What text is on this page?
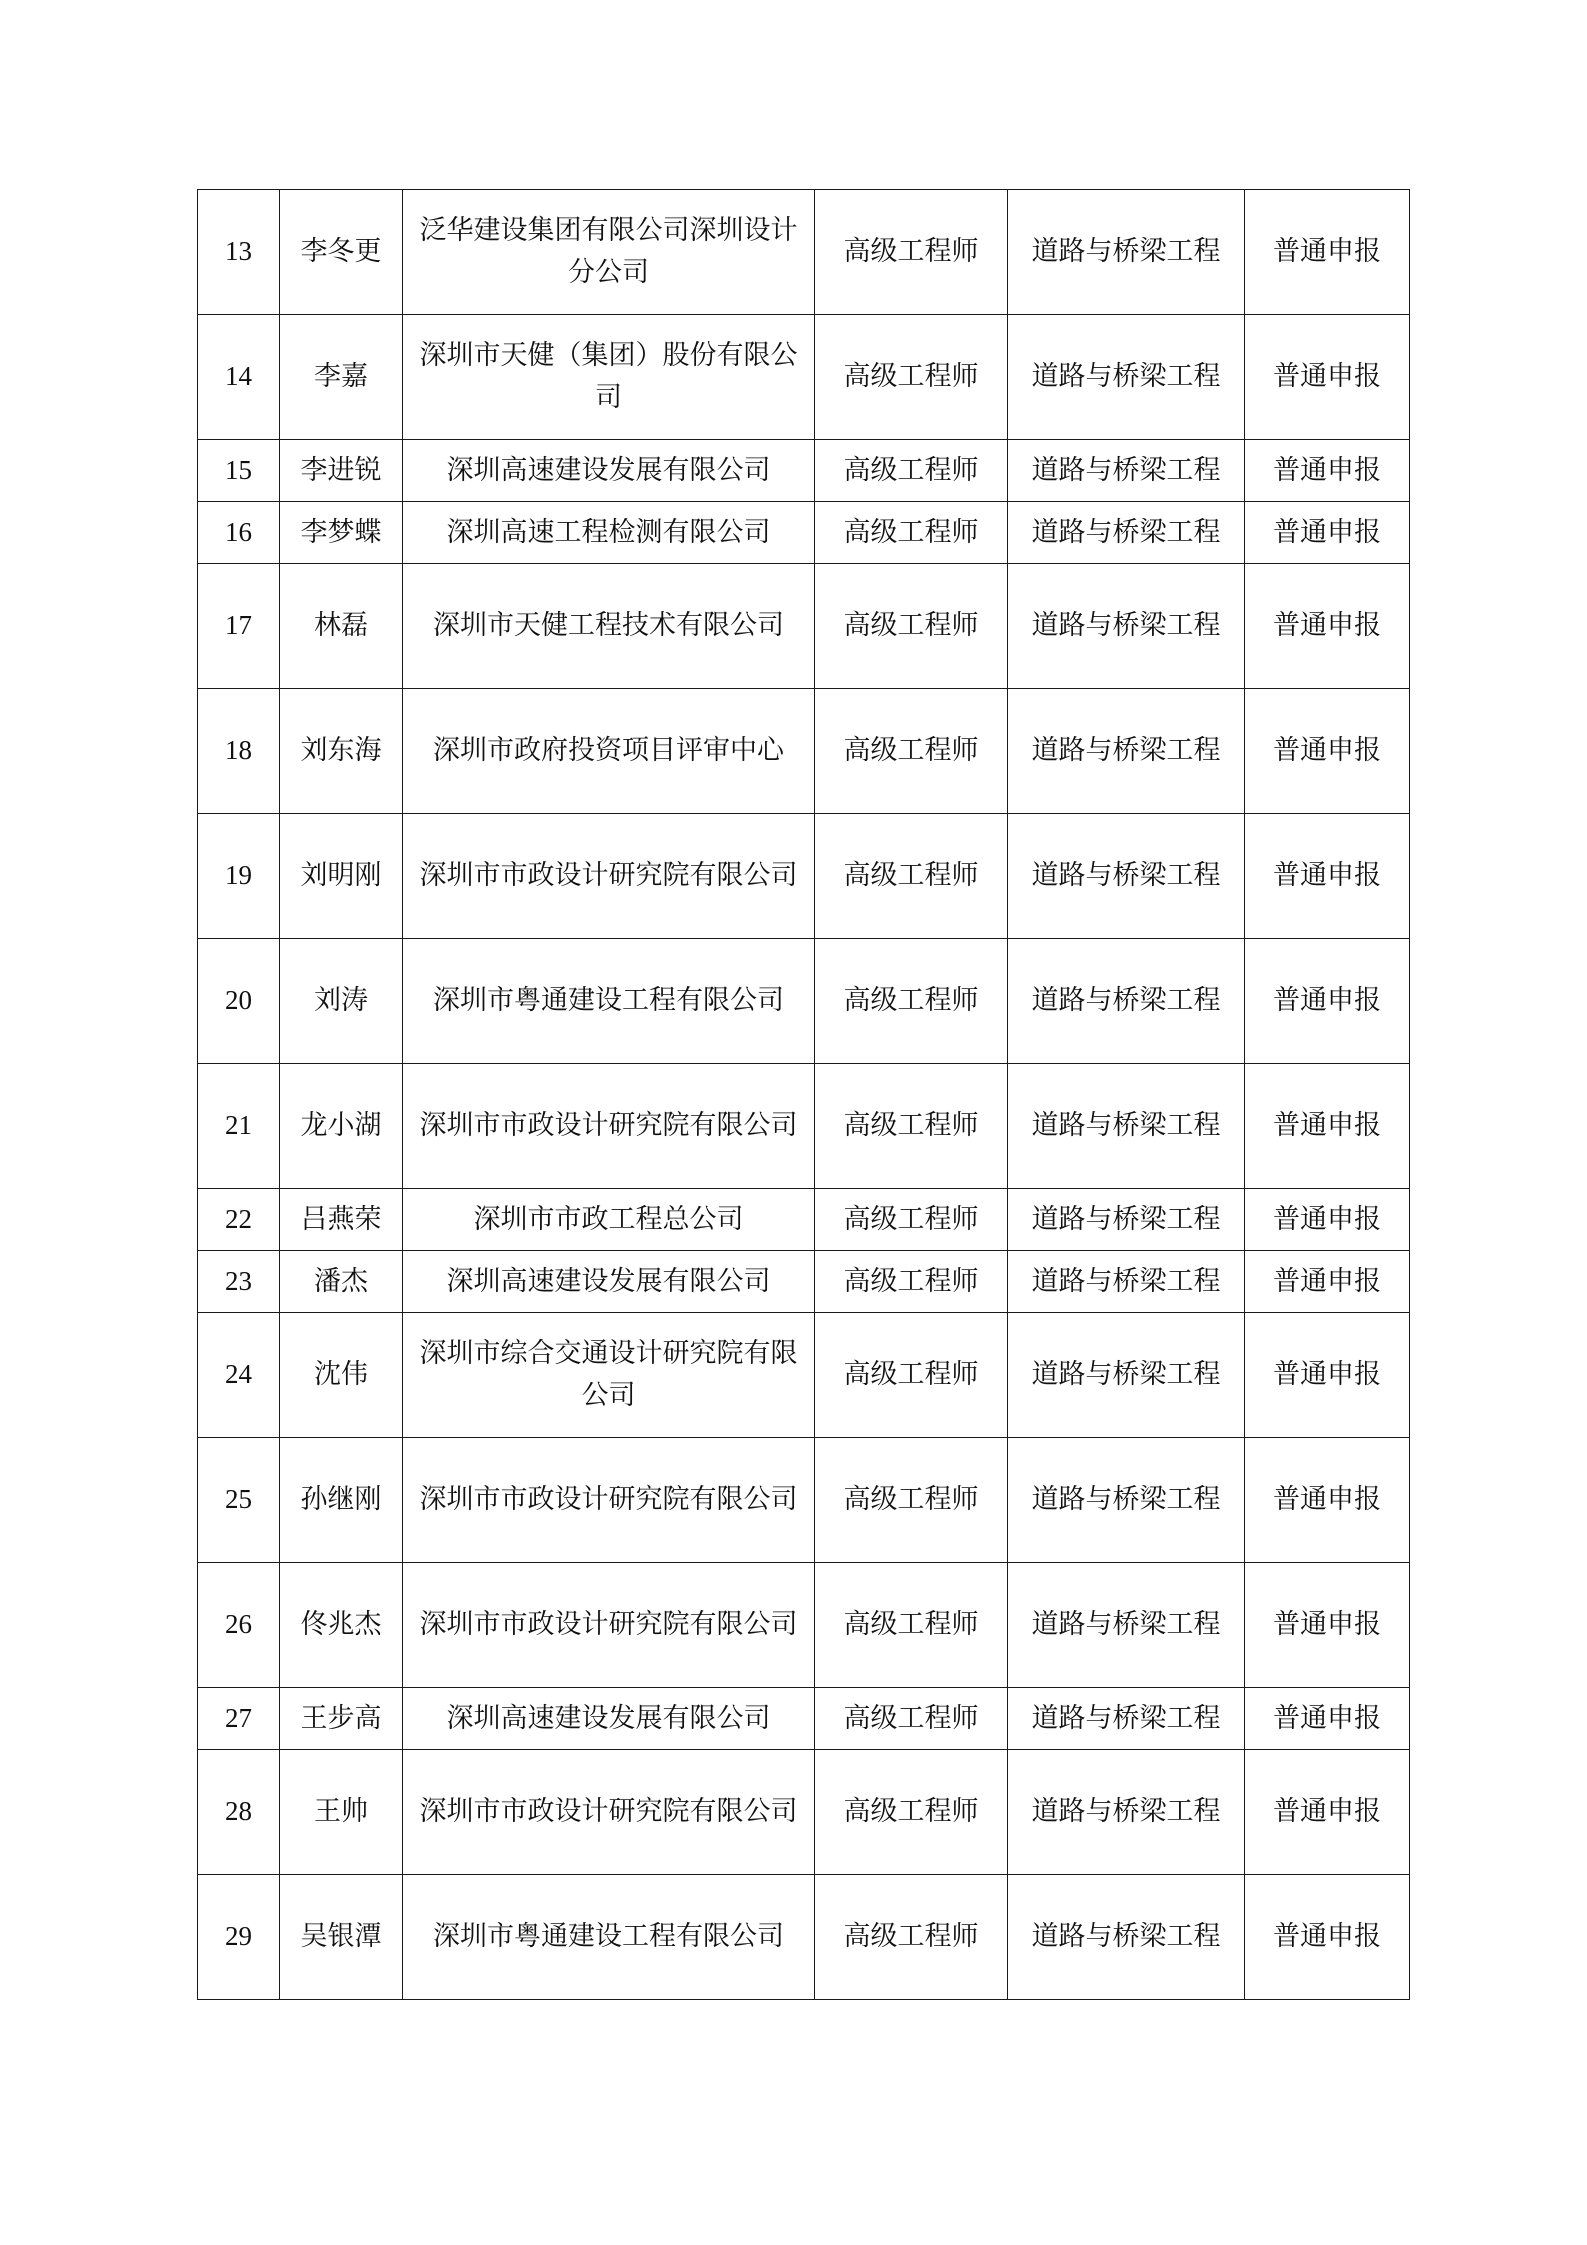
13	李冬更	泛华建设集团有限公司深圳设计分公司	高级工程师	道路与桥梁工程	普通申报
14	李嘉	深圳市天健（集团）股份有限公司	高级工程师	道路与桥梁工程	普通申报
15	李进锐	深圳高速建设发展有限公司	高级工程师	道路与桥梁工程	普通申报
16	李梦蝶	深圳高速工程检测有限公司	高级工程师	道路与桥梁工程	普通申报
17	林磊	深圳市天健工程技术有限公司	高级工程师	道路与桥梁工程	普通申报
18	刘东海	深圳市政府投资项目评审中心	高级工程师	道路与桥梁工程	普通申报
19	刘明刚	深圳市市政设计研究院有限公司	高级工程师	道路与桥梁工程	普通申报
20	刘涛	深圳市粤通建设工程有限公司	高级工程师	道路与桥梁工程	普通申报
21	龙小湖	深圳市市政设计研究院有限公司	高级工程师	道路与桥梁工程	普通申报
22	吕燕荣	深圳市市政工程总公司	高级工程师	道路与桥梁工程	普通申报
23	潘杰	深圳高速建设发展有限公司	高级工程师	道路与桥梁工程	普通申报
24	沈伟	深圳市综合交通设计研究院有限公司	高级工程师	道路与桥梁工程	普通申报
25	孙继刚	深圳市市政设计研究院有限公司	高级工程师	道路与桥梁工程	普通申报
26	佟兆杰	深圳市市政设计研究院有限公司	高级工程师	道路与桥梁工程	普通申报
27	王步高	深圳高速建设发展有限公司	高级工程师	道路与桥梁工程	普通申报
28	王帅	深圳市市政设计研究院有限公司	高级工程师	道路与桥梁工程	普通申报
29	吴银潭	深圳市粤通建设工程有限公司	高级工程师	道路与桥梁工程	普通申报
